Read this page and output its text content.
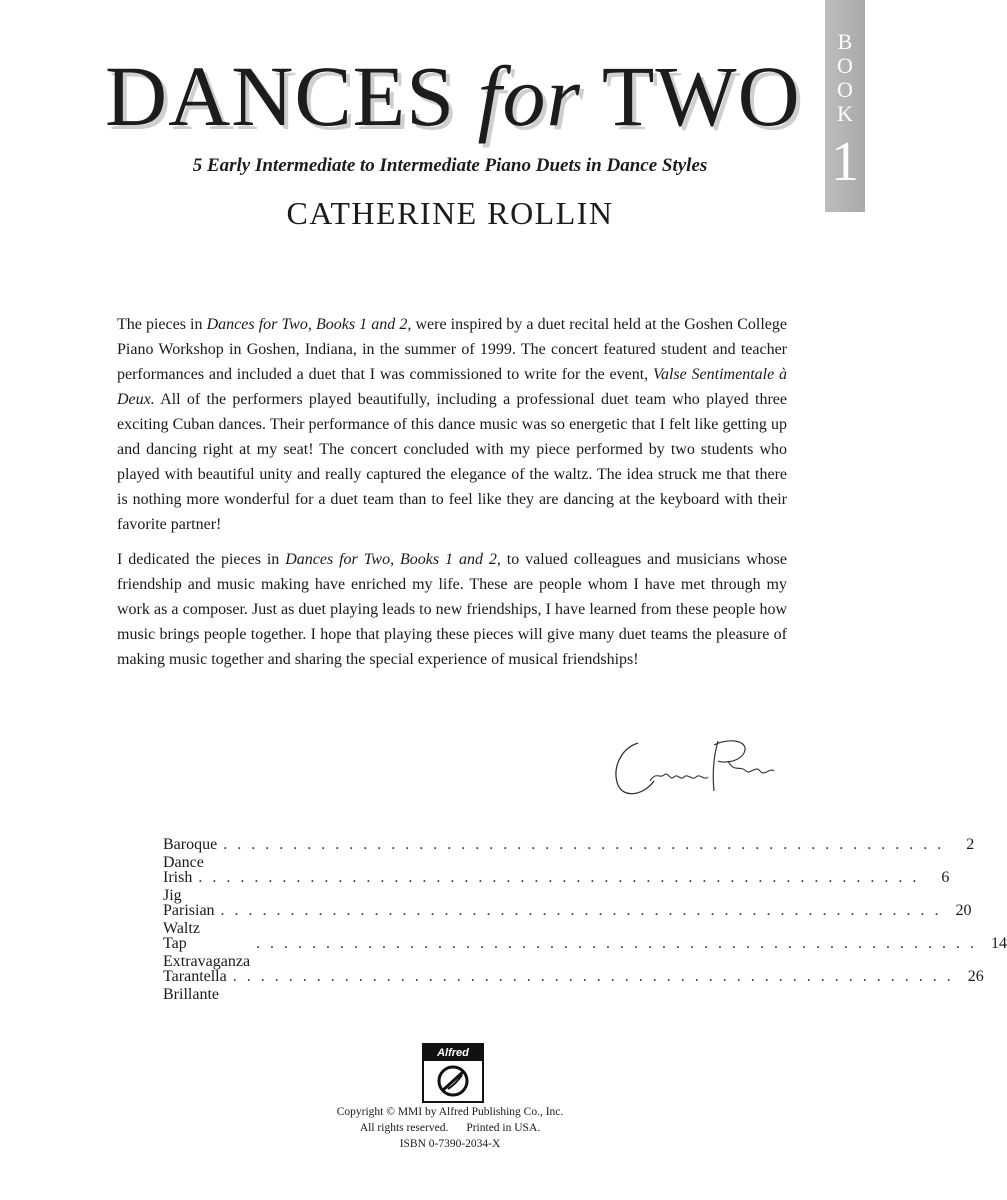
DANCES for TWO
B
O
O
K
1
5 Early Intermediate to Intermediate Piano Duets in Dance Styles
CATHERINE ROLLIN

The pieces in Dances for Two, Books 1 and 2, were inspired by a duet recital held at the Goshen College Piano Workshop in Goshen, Indiana, in the summer of 1999. The concert featured student and teacher performances and included a duet that I was commissioned to write for the event, Valse Sentimentale à Deux. All of the performers played beautifully, including a professional duet team who played three exciting Cuban dances. Their performance of this dance music was so energetic that I felt like getting up and dancing right at my seat! The concert concluded with my piece performed by two students who played with beautiful unity and really captured the elegance of the waltz. The idea struck me that there is nothing more wonderful for a duet team than to feel like they are dancing at the keyboard with their favorite partner!

I dedicated the pieces in Dances for Two, Books 1 and 2, to valued colleagues and musicians whose friendship and music making have enriched my life. These are people whom I have met through my work as a composer. Just as duet playing leads to new friendships, I have learned from these people how music brings people together. I hope that playing these pieces will give many duet teams the pleasure of making music together and sharing the special experience of musical friendships!

Baroque Dance
. . . . . . . . . . . . . . . . . . . . . . . . . . . . . . . . . . . . . . . . . . . . . . . . . . . .	2
Irish Jig
. . . . . . . . . . . . . . . . . . . . . . . . . . . . . . . . . . . . . . . . . . . . . . . . . . . .	6
Parisian Waltz
. . . . . . . . . . . . . . . . . . . . . . . . . . . . . . . . . . . . . . . . . . . . . . . . . . . . 20
Tap Extravaganza
. . . . . . . . . . . . . . . . . . . . . . . . . . . . . . . . . . . . . . . . . . . . . . . . . . . . 14
Tarantella Brillante
. . . . . . . . . . . . . . . . . . . . . . . . . . . . . . . . . . . . . . . . . . . . . . . . . . . . 26
Alfred
Copyright © MMI by Alfred Publishing Co., Inc.
All rights reserved. Printed in USA.
ISBN 0-7390-2034-X
